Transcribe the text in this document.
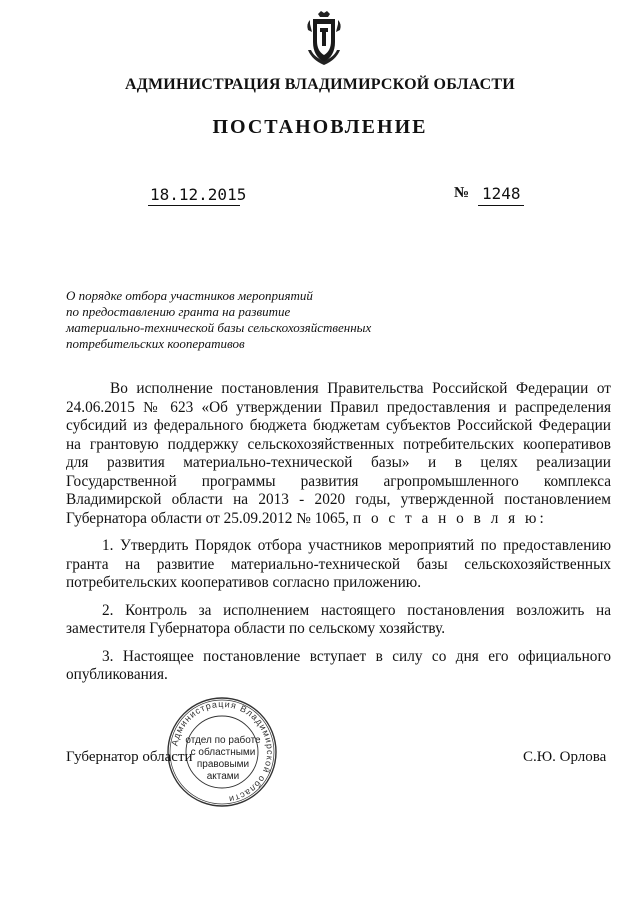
АДМИНИСТРАЦИЯ ВЛАДИМИРСКОЙ ОБЛАСТИ
ПОСТАНОВЛЕНИЕ
18.12.2015	№ 1248
О порядке отбора участников мероприятий
по предоставлению гранта на развитие
материально-технической базы сельскохозяйственных
потребительских кооперативов

Во исполнение постановления Правительства Российской Федерации от 24.06.2015 № 623 «Об утверждении Правил предоставления и распределения субсидий из федерального бюджета бюджетам субъектов Российской Федерации на грантовую поддержку сельскохозяйственных потребительских кооперативов для развития материально-технической базы» и в целях реализации Государственной программы развития агропромышленного комплекса Владимирской области на 2013 - 2020 годы, утвержденной постановлением Губернатора области от 25.09.2012 № 1065, п о с т а н о в л я ю:

1. Утвердить Порядок отбора участников мероприятий по предоставлению гранта на развитие материально-технической базы сельскохозяйственных потребительских кооперативов согласно приложению.

2. Контроль за исполнением настоящего постановления возложить на заместителя Губернатора области по сельскому хозяйству.

3. Настоящее постановление вступает в силу со дня его официального опубликования.

Администрация Владимирской области
отдел по работе
с областными
правовыми
актами
Губернатор области	С.Ю. Орлова
